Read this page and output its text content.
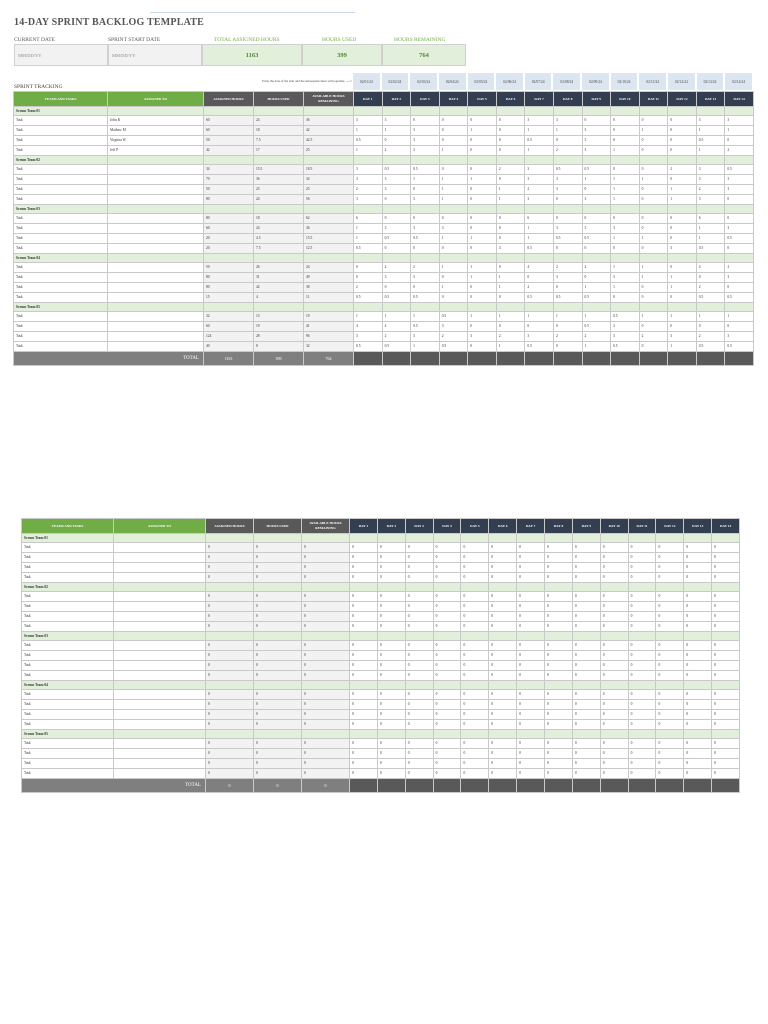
14-DAY SPRINT BACKLOG TEMPLATE
CURRENT DATE	SPRINT START DATE	TOTAL ASSIGNED HOURS	HOURS USED	HOURS REMAINING
MM/DD/YY	MM/DD/YY	1163	399	764
SPRINT TRACKING
Enter the date of the start and the subsequent dates will populate. ---->	02/01/24	02/02/24	02/03/24	02/04/24	02/05/24	02/06/24	02/07/24	02/08/24	02/09/24	02/10/24	02/11/24	02/12/24	02/13/24	02/14/24
TEAMS AND TASKS	ASSIGNED TO	ASSIGNED HOURS	HOURS USED	AVAILABLE HOURS REMAINING	DAY 1	DAY 2	DAY 3	DAY 4	DAY 5	DAY 6	DAY 7	DAY 8	DAY 9	DAY 10	DAY 11	DAY 12	DAY 13	DAY 14
Scrum Team 01																		
Task	John K	60	24	36	3	3	0	0	0	0	3	3	0	0	0	0	3	3
Task	Mathew M	60	18	42	1	1	3	0	1	0	1	1	3	0	1	0	1	1
Task	Virginia W	50	7.5	42.5	0.5	0	3	0	0	0	0.5	0	3	0	0	0	0.5	0
Task	Jeff P	42	17	25	1	2	3	1	0	0	1	2	3	1	0	0	1	2
Scrum Team 02																		
Task		34	15.5	18.5	3	0.5	0.5	0	0	2	3	0.5	0.5	0	0	2	3	0.5
Task		70	36	34	3	3	1	1	1	0	3	3	1	1	1	0	3	3
Task		50	25	25	2	3	0	1	0	1	2	3	0	1	0	1	2	3
Task		80	24	56	3	0	3	1	0	1	3	0	3	1	0	1	3	0
Scrum Team 03																		
Task		80	18	62	6	0	0	0	0	0	6	0	0	0	0	0	6	0
Task		60	24	36	1	3	3	3	0	0	1	3	3	3	0	0	1	3
Task		20	4.5	15.5	1	0.5	0.5	1	1	0	1	0.5	0.5	1	1	0	1	0.5
Task		20	7.5	12.5	0.5	0	0	0	0	3	0.5	0	0	0	0	3	0.5	0
Scrum Team 04																		
Task		50	26	24	0	2	2	1	1	0	4	2	2	1	1	0	4	2
Task		80	31	49	0	3	3	0	1	1	0	3	0	3	1	1	0	3
Task		80	42	38	2	0	0	1	0	1	2	0	1	1	0	1	2	0
Task		15	4	11	0.5	0.5	0.5	0	0	0	0.5	0.5	0.5	0	0	0	0.5	0.5
Scrum Team 05																		
Task		32	13	19	1	1	1	0.5	1	1	1	1	1	0.5	1	1	1	1
Task		60	19	41	4	4	0.5	3	0	0	0	0	0.5	3	0	0	0	0
Task		124	28	96	3	2	3	2	3	2	3	2	2	3	2	3	2	3
Task		40	8	32	0.5	0.5	1	0.5	0	1	0.5	0	1	0.5	0	1	0.5	0.5
TOTAL		1163	399	764														
TEAMS AND TASKS	ASSIGNED TO	ASSIGNED HOURS	HOURS USED	AVAILABLE HOURS REMAINING	DAY 1	DAY 2	DAY 3	DAY 4	DAY 5	DAY 6	DAY 7	DAY 8	DAY 9	DAY 10	DAY 11	DAY 12	DAY 13	DAY 14
Scrum Team 01																		
Task		0	0	0	0	0	0	0	0	0	0	0	0	0	0	0	0	0
Task		0	0	0	0	0	0	0	0	0	0	0	0	0	0	0	0	0
Task		0	0	0	0	0	0	0	0	0	0	0	0	0	0	0	0	0
Task		0	0	0	0	0	0	0	0	0	0	0	0	0	0	0	0	0
Scrum Team 02																		
Task		0	0	0	0	0	0	0	0	0	0	0	0	0	0	0	0	0
Task		0	0	0	0	0	0	0	0	0	0	0	0	0	0	0	0	0
Task		0	0	0	0	0	0	0	0	0	0	0	0	0	0	0	0	0
Task		0	0	0	0	0	0	0	0	0	0	0	0	0	0	0	0	0
Scrum Team 03																		
Task		0	0	0	0	0	0	0	0	0	0	0	0	0	0	0	0	0
Task		0	0	0	0	0	0	0	0	0	0	0	0	0	0	0	0	0
Task		0	0	0	0	0	0	0	0	0	0	0	0	0	0	0	0	0
Task		0	0	0	0	0	0	0	0	0	0	0	0	0	0	0	0	0
Scrum Team 04																		
Task		0	0	0	0	0	0	0	0	0	0	0	0	0	0	0	0	0
Task		0	0	0	0	0	0	0	0	0	0	0	0	0	0	0	0	0
Task		0	0	0	0	0	0	0	0	0	0	0	0	0	0	0	0	0
Task		0	0	0	0	0	0	0	0	0	0	0	0	0	0	0	0	0
Scrum Team 05																		
Task		0	0	0	0	0	0	0	0	0	0	0	0	0	0	0	0	0
Task		0	0	0	0	0	0	0	0	0	0	0	0	0	0	0	0	0
Task		0	0	0	0	0	0	0	0	0	0	0	0	0	0	0	0	0
Task		0	0	0	0	0	0	0	0	0	0	0	0	0	0	0	0	0
TOTAL		0	0	0														
